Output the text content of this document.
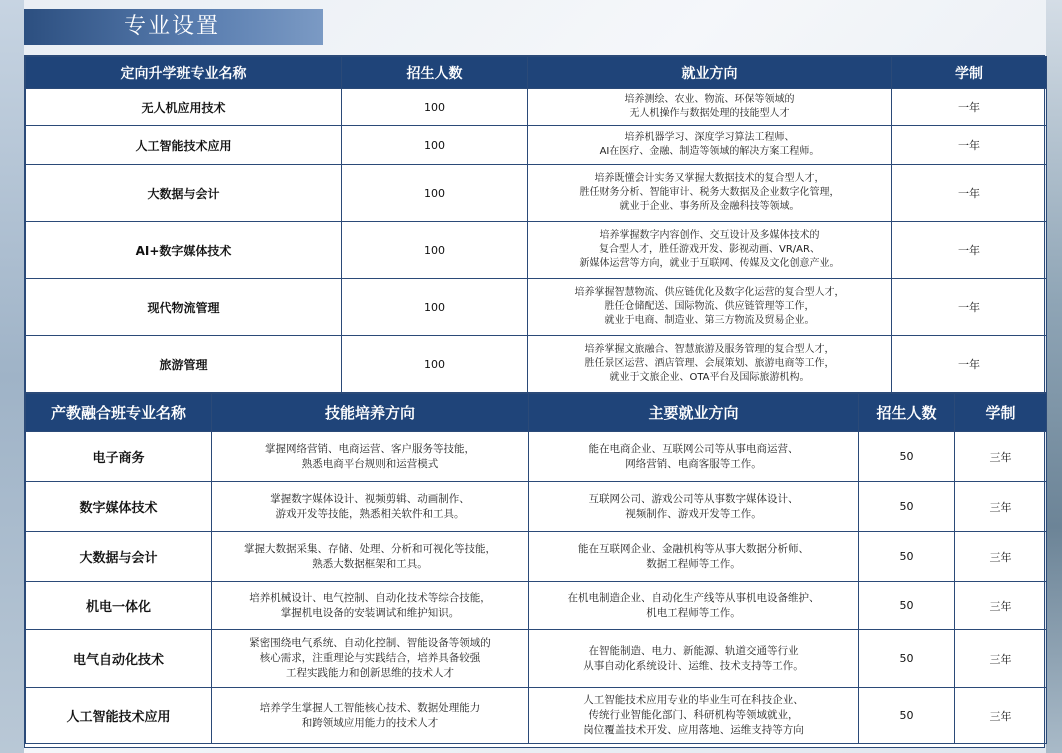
专业设置
定向升学班专业名称	招生人数	就业方向	学制
无人机应用技术	100	培养测绘、农业、物流、环保等领域的
无人机操作与数据处理的技能型人才	一年
人工智能技术应用	100	培养机器学习、深度学习算法工程师、
AI在医疗、金融、制造等领域的解决方案工程师。	一年
大数据与会计	100	培养既懂会计实务又掌握大数据技术的复合型人才，
胜任财务分析、智能审计、税务大数据及企业数字化管理，
就业于企业、事务所及金融科技等领域。	一年
AI+数字媒体技术	100	培养掌握数字内容创作、交互设计及多媒体技术的
复合型人才，胜任游戏开发、影视动画、VR/AR、
新媒体运营等方向，就业于互联网、传媒及文化创意产业。	一年
现代物流管理	100	培养掌握智慧物流、供应链优化及数字化运营的复合型人才，
胜任仓储配送、国际物流、供应链管理等工作，
就业于电商、制造业、第三方物流及贸易企业。	一年
旅游管理	100	培养掌握文旅融合、智慧旅游及服务管理的复合型人才，
胜任景区运营、酒店管理、会展策划、旅游电商等工作，
就业于文旅企业、OTA平台及国际旅游机构。	一年
产教融合班专业名称	技能培养方向	主要就业方向	招生人数	学制
电子商务	掌握网络营销、电商运营、客户服务等技能，
熟悉电商平台规则和运营模式	能在电商企业、互联网公司等从事电商运营、
网络营销、电商客服等工作。	50	三年
数字媒体技术	掌握数字媒体设计、视频剪辑、动画制作、
游戏开发等技能，熟悉相关软件和工具。	互联网公司、游戏公司等从事数字媒体设计、
视频制作、游戏开发等工作。	50	三年
大数据与会计	掌握大数据采集、存储、处理、分析和可视化等技能，
熟悉大数据框架和工具。	能在互联网企业、金融机构等从事大数据分析师、
数据工程师等工作。	50	三年
机电一体化	培养机械设计、电气控制、自动化技术等综合技能，
掌握机电设备的安装调试和维护知识。	在机电制造企业、自动化生产线等从事机电设备维护、
机电工程师等工作。	50	三年
电气自动化技术	紧密围绕电气系统、自动化控制、智能设备等领域的
核心需求，注重理论与实践结合，培养具备较强
工程实践能力和创新思维的技术人才	在智能制造、电力、新能源、轨道交通等行业
从事自动化系统设计、运维、技术支持等工作。	50	三年
人工智能技术应用	培养学生掌握人工智能核心技术、数据处理能力
和跨领域应用能力的技术人才	人工智能技术应用专业的毕业生可在科技企业、
传统行业智能化部门、科研机构等领域就业，
岗位覆盖技术开发、应用落地、运维支持等方向	50	三年
